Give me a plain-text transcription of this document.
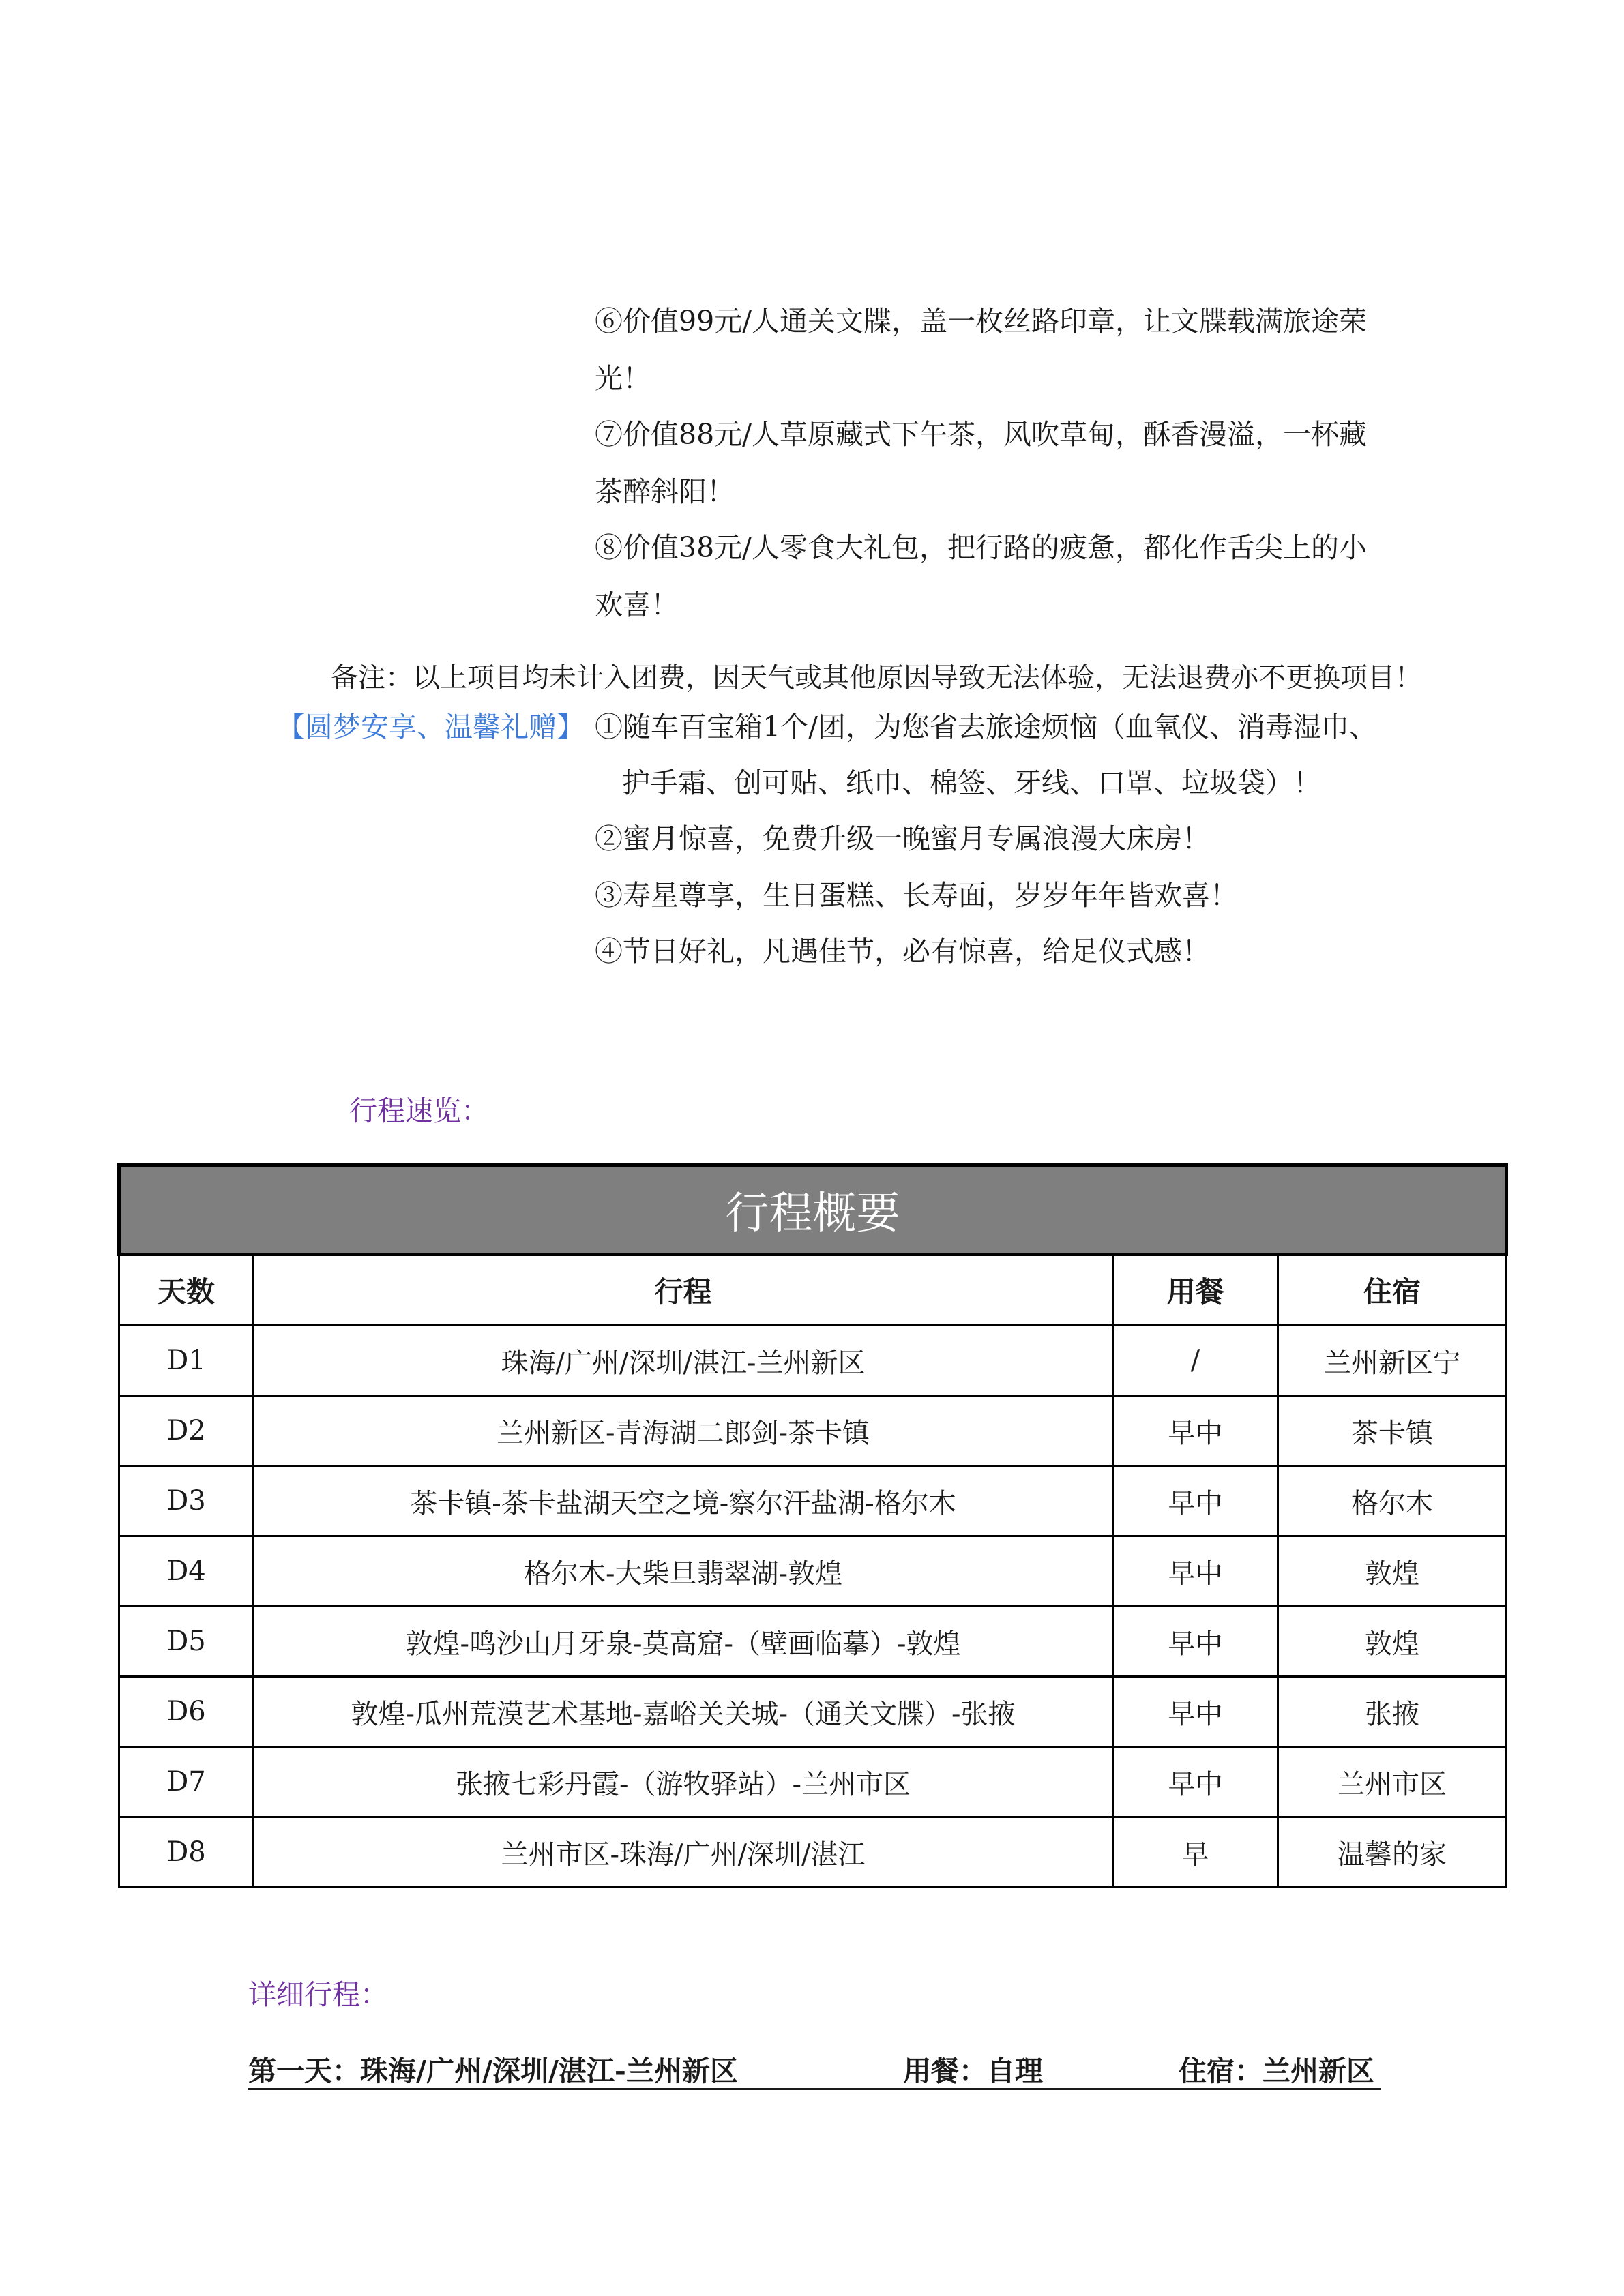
⑥价值99元/人通关文牒，盖一枚丝路印章，让文牒载满旅途荣
光！
⑦价值88元/人草原藏式下午茶，风吹草甸，酥香漫溢，一杯藏
茶醉斜阳！
⑧价值38元/人零食大礼包，把行路的疲惫，都化作舌尖上的小
欢喜！
备注：以上项目均未计入团费，因天气或其他原因导致无法体验，无法退费亦不更换项目！
【圆梦安享、温馨礼赠】 ①随车百宝箱1个/团，为您省去旅途烦恼（血氧仪、消毒湿巾、
护手霜、创可贴、纸巾、棉签、牙线、口罩、垃圾袋）！
②蜜月惊喜，免费升级一晚蜜月专属浪漫大床房！
③寿星尊享，生日蛋糕、长寿面，岁岁年年皆欢喜！
④节日好礼，凡遇佳节，必有惊喜，给足仪式感！
行程速览：
行程概要			
天数	行程	用餐	住宿
D1	珠海/广州/深圳/湛江-兰州新区	/	兰州新区宁
D2	兰州新区-青海湖二郎剑-茶卡镇	早中	茶卡镇
D3	茶卡镇-茶卡盐湖天空之境-察尔汗盐湖-格尔木	早中	格尔木
D4	格尔木-大柴旦翡翠湖-敦煌	早中	敦煌
D5	敦煌-鸣沙山月牙泉-莫高窟-（壁画临摹）-敦煌	早中	敦煌
D6	敦煌-瓜州荒漠艺术基地-嘉峪关关城-（通关文牒）-张掖	早中	张掖
D7	张掖七彩丹霞-（游牧驿站）-兰州市区	早中	兰州市区
D8	兰州市区-珠海/广州/深圳/湛江	早	温馨的家
详细行程：
第一天：珠海/广州/深圳/湛江-兰州新区	用餐：自理	住宿：兰州新区
